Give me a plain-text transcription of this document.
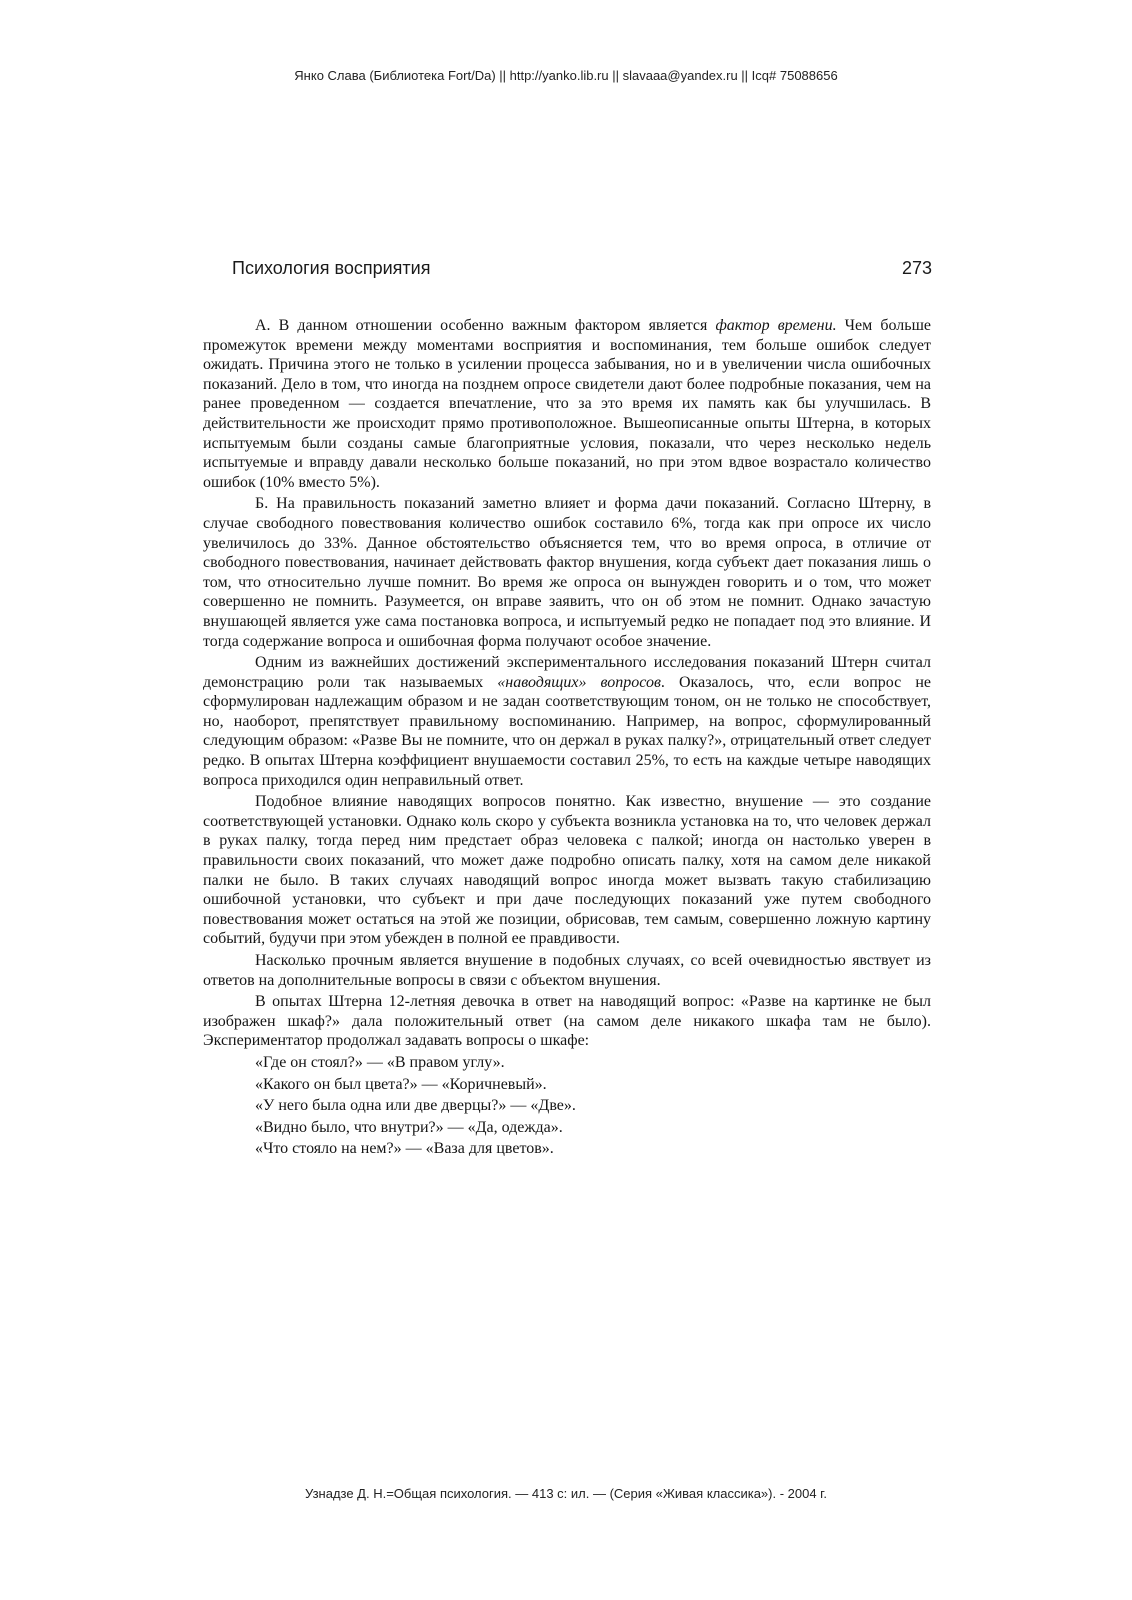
Янко Слава (Библиотека Fort/Da) || http://yanko.lib.ru || slavaaa@yandex.ru || Icq# 75088656
Психология восприятия	273

А. В данном отношении особенно важным фактором является фактор времени. Чем больше промежуток времени между моментами восприятия и воспоминания, тем больше ошибок следует ожидать. Причина этого не только в усилении процесса забывания, но и в увеличении числа ошибочных показаний. Дело в том, что иногда на позднем опросе свидетели дают более подробные показания, чем на ранее проведенном — создается впечатление, что за это время их память как бы улучшилась. В действительности же происходит прямо противоположное. Вышеописанные опыты Штерна, в которых испытуемым были созданы самые благоприятные условия, показали, что через несколько недель испытуемые и вправду давали несколько больше показаний, но при этом вдвое возрастало количество ошибок (10% вместо 5%).

Б. На правильность показаний заметно влияет и форма дачи показаний. Согласно Штерну, в случае свободного повествования количество ошибок составило 6%, тогда как при опросе их число увеличилось до 33%. Данное обстоятельство объясняется тем, что во время опроса, в отличие от свободного повествования, начинает действовать фактор внушения, когда субъект дает показания лишь о том, что относительно лучше помнит. Во время же опроса он вынужден говорить и о том, что может совершенно не помнить. Разумеется, он вправе заявить, что он об этом не помнит. Однако зачастую внушающей является уже сама постановка вопроса, и испытуемый редко не попадает под это влияние. И тогда содержание вопроса и ошибочная форма получают особое значение.

Одним из важнейших достижений экспериментального исследования показаний Штерн считал демонстрацию роли так называемых «наводящих» вопросов. Оказалось, что, если вопрос не сформулирован надлежащим образом и не задан соответствующим тоном, он не только не способствует, но, наоборот, препятствует правильному воспоминанию. Например, на вопрос, сформулированный следующим образом: «Разве Вы не помните, что он держал в руках палку?», отрицательный ответ следует редко. В опытах Штерна коэффициент внушаемости составил 25%, то есть на каждые четыре наводящих вопроса приходился один неправильный ответ.

Подобное влияние наводящих вопросов понятно. Как известно, внушение — это создание соответствующей установки. Однако коль скоро у субъекта возникла установка на то, что человек держал в руках палку, тогда перед ним предстает образ человека с палкой; иногда он настолько уверен в правильности своих показаний, что может даже подробно описать палку, хотя на самом деле никакой палки не было. В таких случаях наводящий вопрос иногда может вызвать такую стабилизацию ошибочной установки, что субъект и при даче последующих показаний уже путем свободного повествования может остаться на этой же позиции, обрисовав, тем самым, совершенно ложную картину событий, будучи при этом убежден в полной ее правдивости.

Насколько прочным является внушение в подобных случаях, со всей очевидностью явствует из ответов на дополнительные вопросы в связи с объектом внушения.

В опытах Штерна 12-летняя девочка в ответ на наводящий вопрос: «Разве на картинке не был изображен шкаф?» дала положительный ответ (на самом деле никакого шкафа там не было). Экспериментатор продолжал задавать вопросы о шкафе:

«Где он стоял?» — «В правом углу».

«Какого он был цвета?» — «Коричневый».

«У него была одна или две дверцы?» — «Две».

«Видно было, что внутри?» — «Да, одежда».

«Что стояло на нем?» — «Ваза для цветов».

Узнадзе Д. Н.=Общая психология. — 413 с: ил. — (Серия «Живая классика»). - 2004 г.
